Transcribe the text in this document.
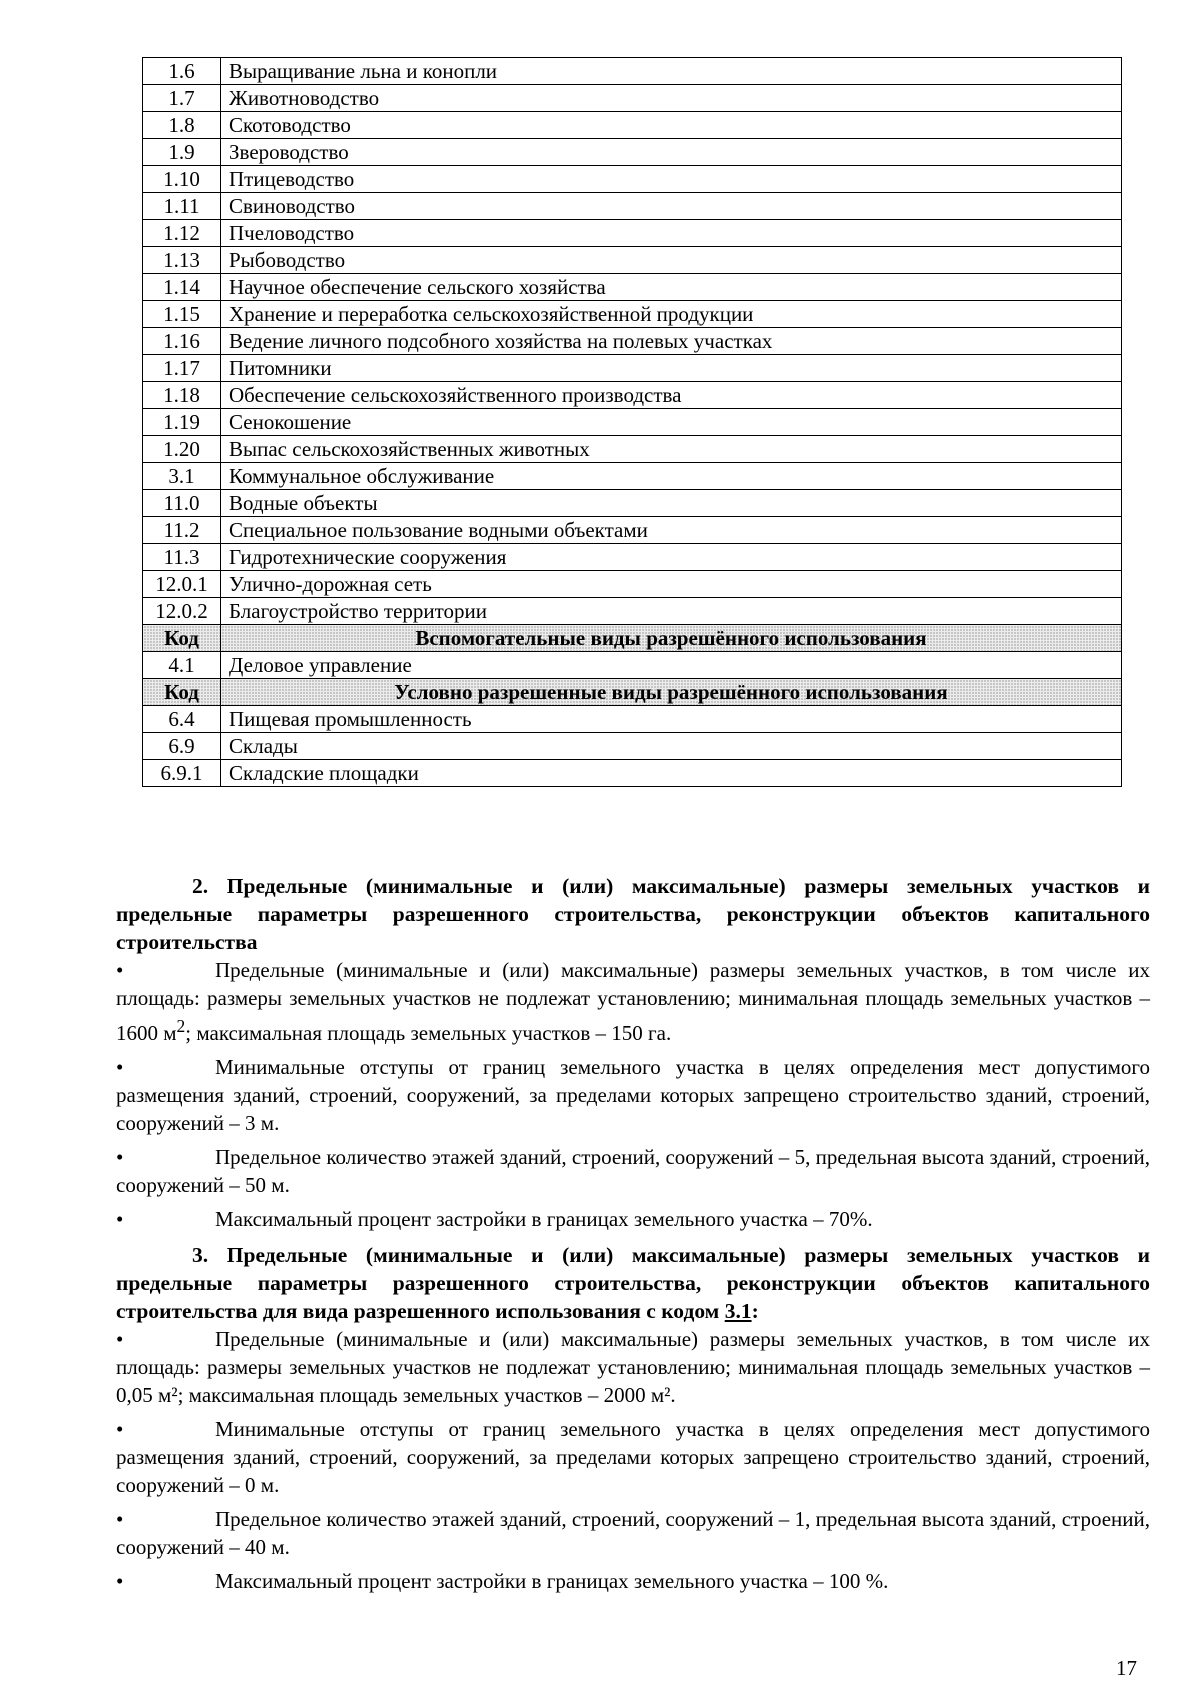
1.6	Выращивание льна и конопли
1.7	Животноводство
1.8	Скотоводство
1.9	Звероводство
1.10	Птицеводство
1.11	Свиноводство
1.12	Пчеловодство
1.13	Рыбоводство
1.14	Научное обеспечение сельского хозяйства
1.15	Хранение и переработка сельскохозяйственной продукции
1.16	Ведение личного подсобного хозяйства на полевых участках
1.17	Питомники
1.18	Обеспечение сельскохозяйственного производства
1.19	Сенокошение
1.20	Выпас сельскохозяйственных животных
3.1	Коммунальное обслуживание
11.0	Водные объекты
11.2	Специальное пользование водными объектами
11.3	Гидротехнические сооружения
12.0.1	Улично-дорожная сеть
12.0.2	Благоустройство территории
Код	Вспомогательные виды разрешённого использования
4.1	Деловое управление
Код	Условно разрешенные виды разрешённого использования
6.4	Пищевая промышленность
6.9	Склады
6.9.1	Складские площадки

2. Предельные (минимальные и (или) максимальные) размеры земельных участков и предельные параметры разрешенного строительства, реконструкции объектов капитального строительства

•	Предельные (минимальные и (или) максимальные) размеры земельных участков, в том числе их площадь: размеры земельных участков не подлежат установлению; минимальная площадь земельных участков – 1600 $м^2$; максимальная площадь земельных участков – 150 га.

•	Минимальные отступы от границ земельного участка в целях определения мест допустимого размещения зданий, строений, сооружений, за пределами которых запрещено строительство зданий, строений, сооружений – 3 м.

•	Предельное количество этажей зданий, строений, сооружений – 5, предельная высота зданий, строений, сооружений – 50 м.

•	Максимальный процент застройки в границах земельного участка – 70%.

3. Предельные (минимальные и (или) максимальные) размеры земельных участков и предельные параметры разрешенного строительства, реконструкции объектов капитального строительства для вида разрешенного использования с кодом 3.1:

•	Предельные (минимальные и (или) максимальные) размеры земельных участков, в том числе их площадь: размеры земельных участков не подлежат установлению; минимальная площадь земельных участков – 0,05 м²; максимальная площадь земельных участков – 2000 м².

•	Минимальные отступы от границ земельного участка в целях определения мест допустимого размещения зданий, строений, сооружений, за пределами которых запрещено строительство зданий, строений, сооружений – 0 м.

•	Предельное количество этажей зданий, строений, сооружений – 1, предельная высота зданий, строений, сооружений – 40 м.

•	Максимальный процент застройки в границах земельного участка – 100 %.

17
